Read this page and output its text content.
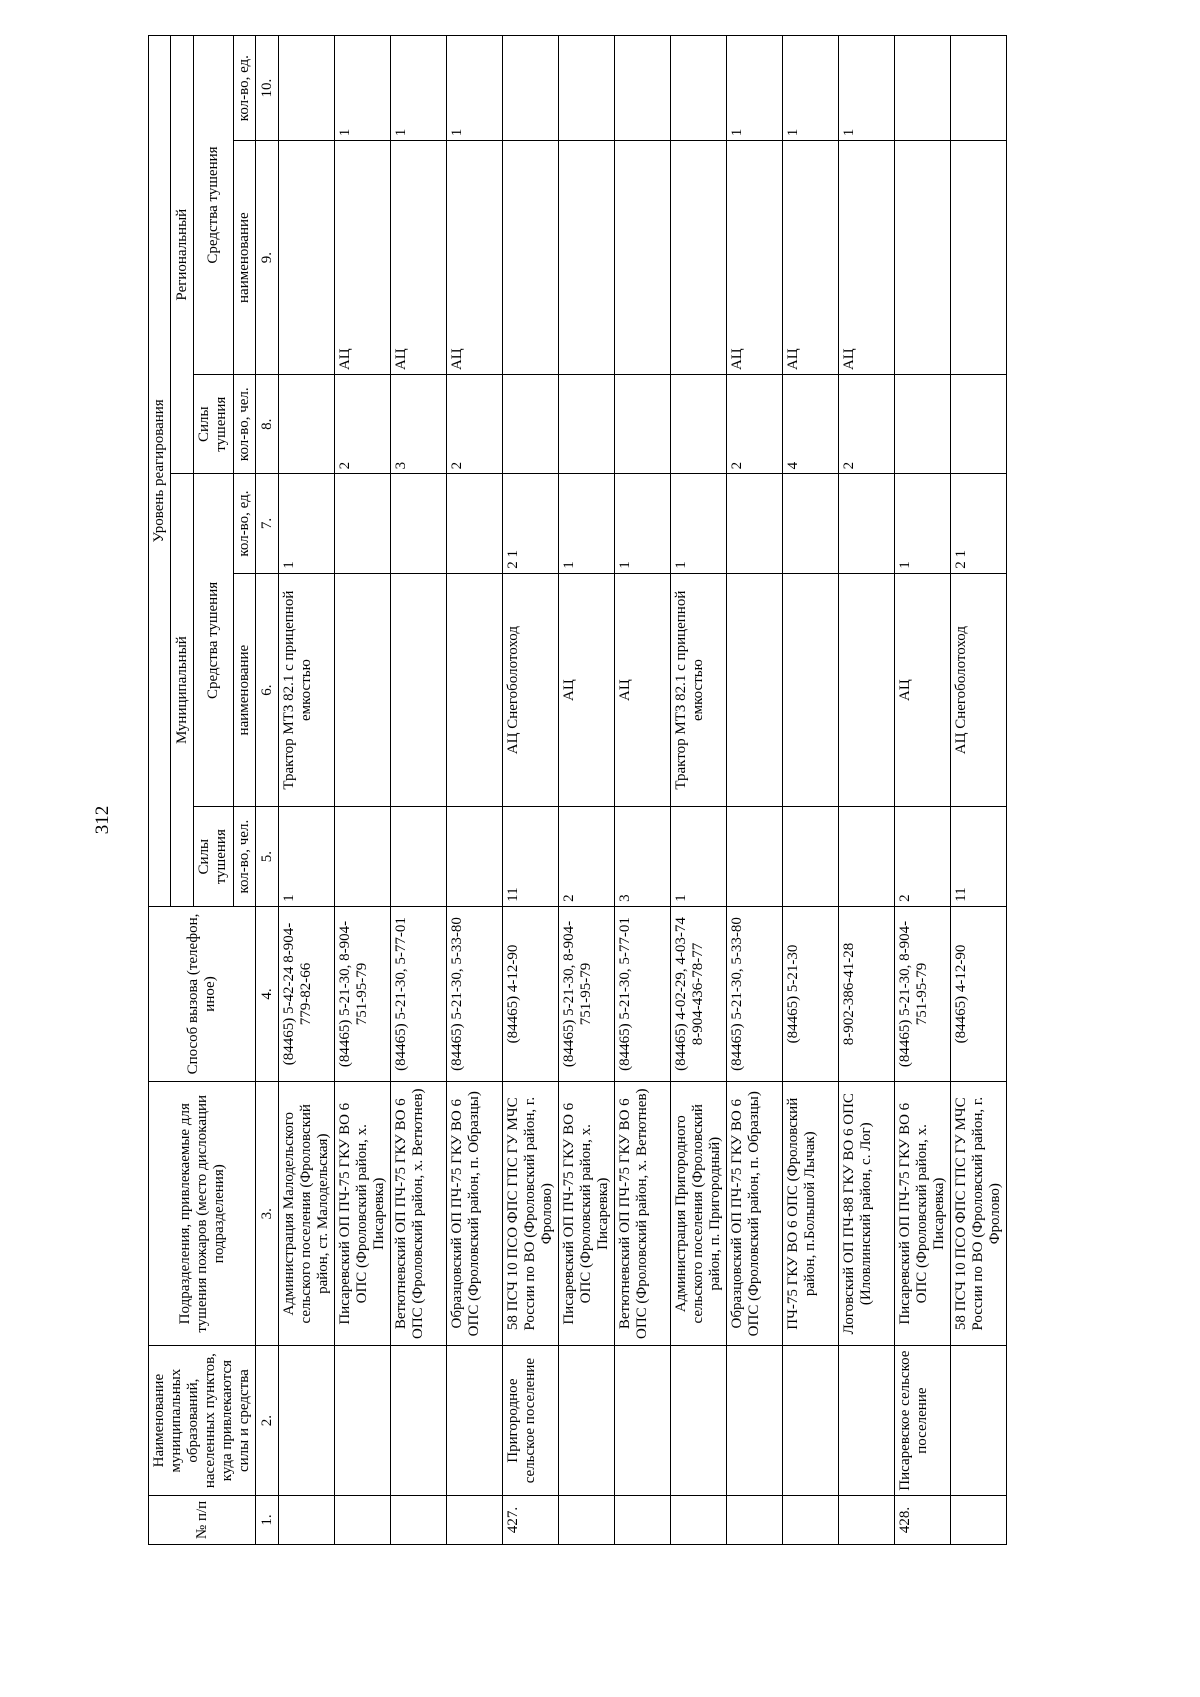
312
№ п/п	Наименование муниципальных образований, населенных пунктов, куда привлекаются силы и средства	Подразделения, привлекаемые для тушения пожаров (место дислокации подразделения)	Способ вызова (телефон, иное)	Уровень реагирования					
				Муниципальный			Региональный		
				Силы тушения	Средства тушения		Силы тушения	Средства тушения	
				кол-во, чел.	наименование	кол-во, ед.	кол-во, чел.	наименование	кол-во, ед.
1.	2.	3.	4.	5.	6.	7.	8.	9.	10.
		Администрация Малодельского сельского поселения (Фроловский район, ст. Малодельская)	(84465) 5-42-24 8-904-779-82-66	1	Трактор МТЗ 82.1 с прицепной емкостью	1			
		Писаревский ОП ПЧ-75 ГКУ ВО 6 ОПС (Фроловский район, х. Писаревка)	(84465) 5-21-30, 8-904-751-95-79				2	АЦ	1
		Ветютневский ОП ПЧ-75 ГКУ ВО 6 ОПС (Фроловский район, х. Ветютнев)	(84465) 5-21-30, 5-77-01				3	АЦ	1
		Образцовский ОП ПЧ-75 ГКУ ВО 6 ОПС (Фроловский район, п. Образцы)	(84465) 5-21-30, 5-33-80				2	АЦ	1
427.	Пригородное сельское поселение	58 ПСЧ 10 ПСО ФПС ГПС ГУ МЧС России по ВО (Фроловский район, г. Фролово)	(84465) 4-12-90	11	АЦ Снегоболотоход	2 1			
		Писаревский ОП ПЧ-75 ГКУ ВО 6 ОПС (Фроловский район, х. Писаревка)	(84465) 5-21-30, 8-904-751-95-79	2	АЦ	1			
		Ветютневский ОП ПЧ-75 ГКУ ВО 6 ОПС (Фроловский район, х. Ветютнев)	(84465) 5-21-30, 5-77-01	3	АЦ	1			
		Администрация Пригородного сельского поселения (Фроловский район, п. Пригородный)	(84465) 4-02-29, 4-03-74 8-904-436-78-77	1	Трактор МТЗ 82.1 с прицепной емкостью	1			
		Образцовский ОП ПЧ-75 ГКУ ВО 6 ОПС (Фроловский район, п. Образцы)	(84465) 5-21-30, 5-33-80				2	АЦ	1
		ПЧ-75 ГКУ ВО 6 ОПС (Фроловский район, п.Большой Лычак)	(84465) 5-21-30				4	АЦ	1
		Логовский ОП ПЧ-88 ГКУ ВО 6 ОПС (Иловлинский район, с. Лог)	8-902-386-41-28				2	АЦ	1
428.	Писаревское сельское поселение	Писаревский ОП ПЧ-75 ГКУ ВО 6 ОПС (Фроловский район, х. Писаревка)	(84465) 5-21-30, 8-904-751-95-79	2	АЦ	1			
		58 ПСЧ 10 ПСО ФПС ГПС ГУ МЧС России по ВО (Фроловский район, г. Фролово)	(84465) 4-12-90	11	АЦ Снегоболотоход	2 1			
